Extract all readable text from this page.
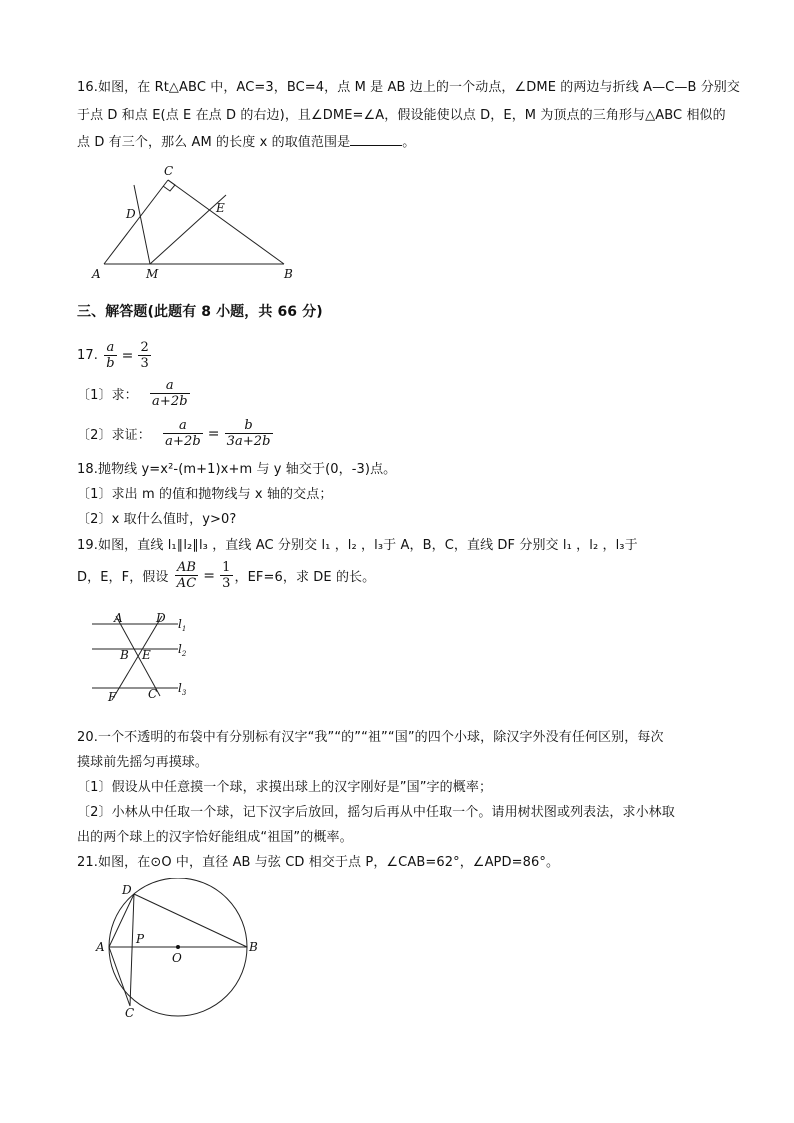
16.如图，在 Rt△ABC 中，AC=3，BC=4，点 M 是 AB 边上的一个动点，∠DME 的两边与折线 A—C—B 分别交
于点 D 和点 E(点 E 在点 D 的右边)，且∠DME=∠A，假设能使以点 D，E，M 为顶点的三角形与△ABC 相似的
点 D 有三个，那么 AM 的长度 x 的取值范围是	。
C
D	E
A	M	B
三、解答题(此题有 8 小题，共 66 分)
17. $\frac{a}{b} = \frac{2}{3}$
〔1〕求： $\frac{a}{a+2b}$
〔2〕求证： $\frac{a}{a+2b} = \frac{b}{3a+2b}$
18.抛物线 y=x²-(m+1)x+m 与 y 轴交于(0，-3)点。
〔1〕求出 m 的值和抛物线与 x 轴的交点；
〔2〕x 取什么值时，y>0?
19.如图，直线 l₁∥l₂∥l₃ ，直线 AC 分别交 l₁ ，l₂ ，l₃于 A，B，C，直线 DF 分别交 l₁ ，l₂ ，l₃于
D，E，F，假设 $\frac{AB}{AC} = \frac{1}{3}$ ，EF=6，求 DE 的长。
A	D
B E
F	C
$l_1$
$l_2$
$l_3$
20.一个不透明的布袋中有分别标有汉字“我”“的”“祖”“国”的四个小球，除汉字外没有任何区别，每次
摸球前先摇匀再摸球。
〔1〕假设从中任意摸一个球，求摸出球上的汉字刚好是”国”字的概率；
〔2〕小林从中任取一个球，记下汉字后放回，摇匀后再从中任取一个。请用树状图或列表法，求小林取
出的两个球上的汉字恰好能组成“祖国”的概率。
21.如图，在⊙O 中，直径 AB 与弦 CD 相交于点 P，∠CAB=62°，∠APD=86°。
D
A
P
O
B
C
